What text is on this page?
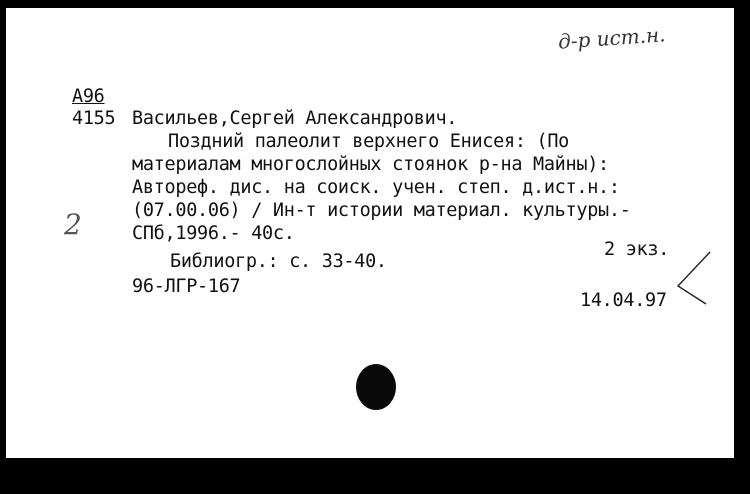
д-р ист.н.
А96
4155 Васильев,Сергей Александрович.
Поздний палеолит верхнего Енисея: (По
материалам многослойных стоянок р-на Майны):
Автореф. дис. на соиск. учен. степ. д.ист.н.:
(07.00.06) / Ин-т истории материал. культуры.-
СПб,1996.- 40с.
2
2 экз.
Библиогр.: с. 33-40.
96-ЛГР-167
14.04.97
